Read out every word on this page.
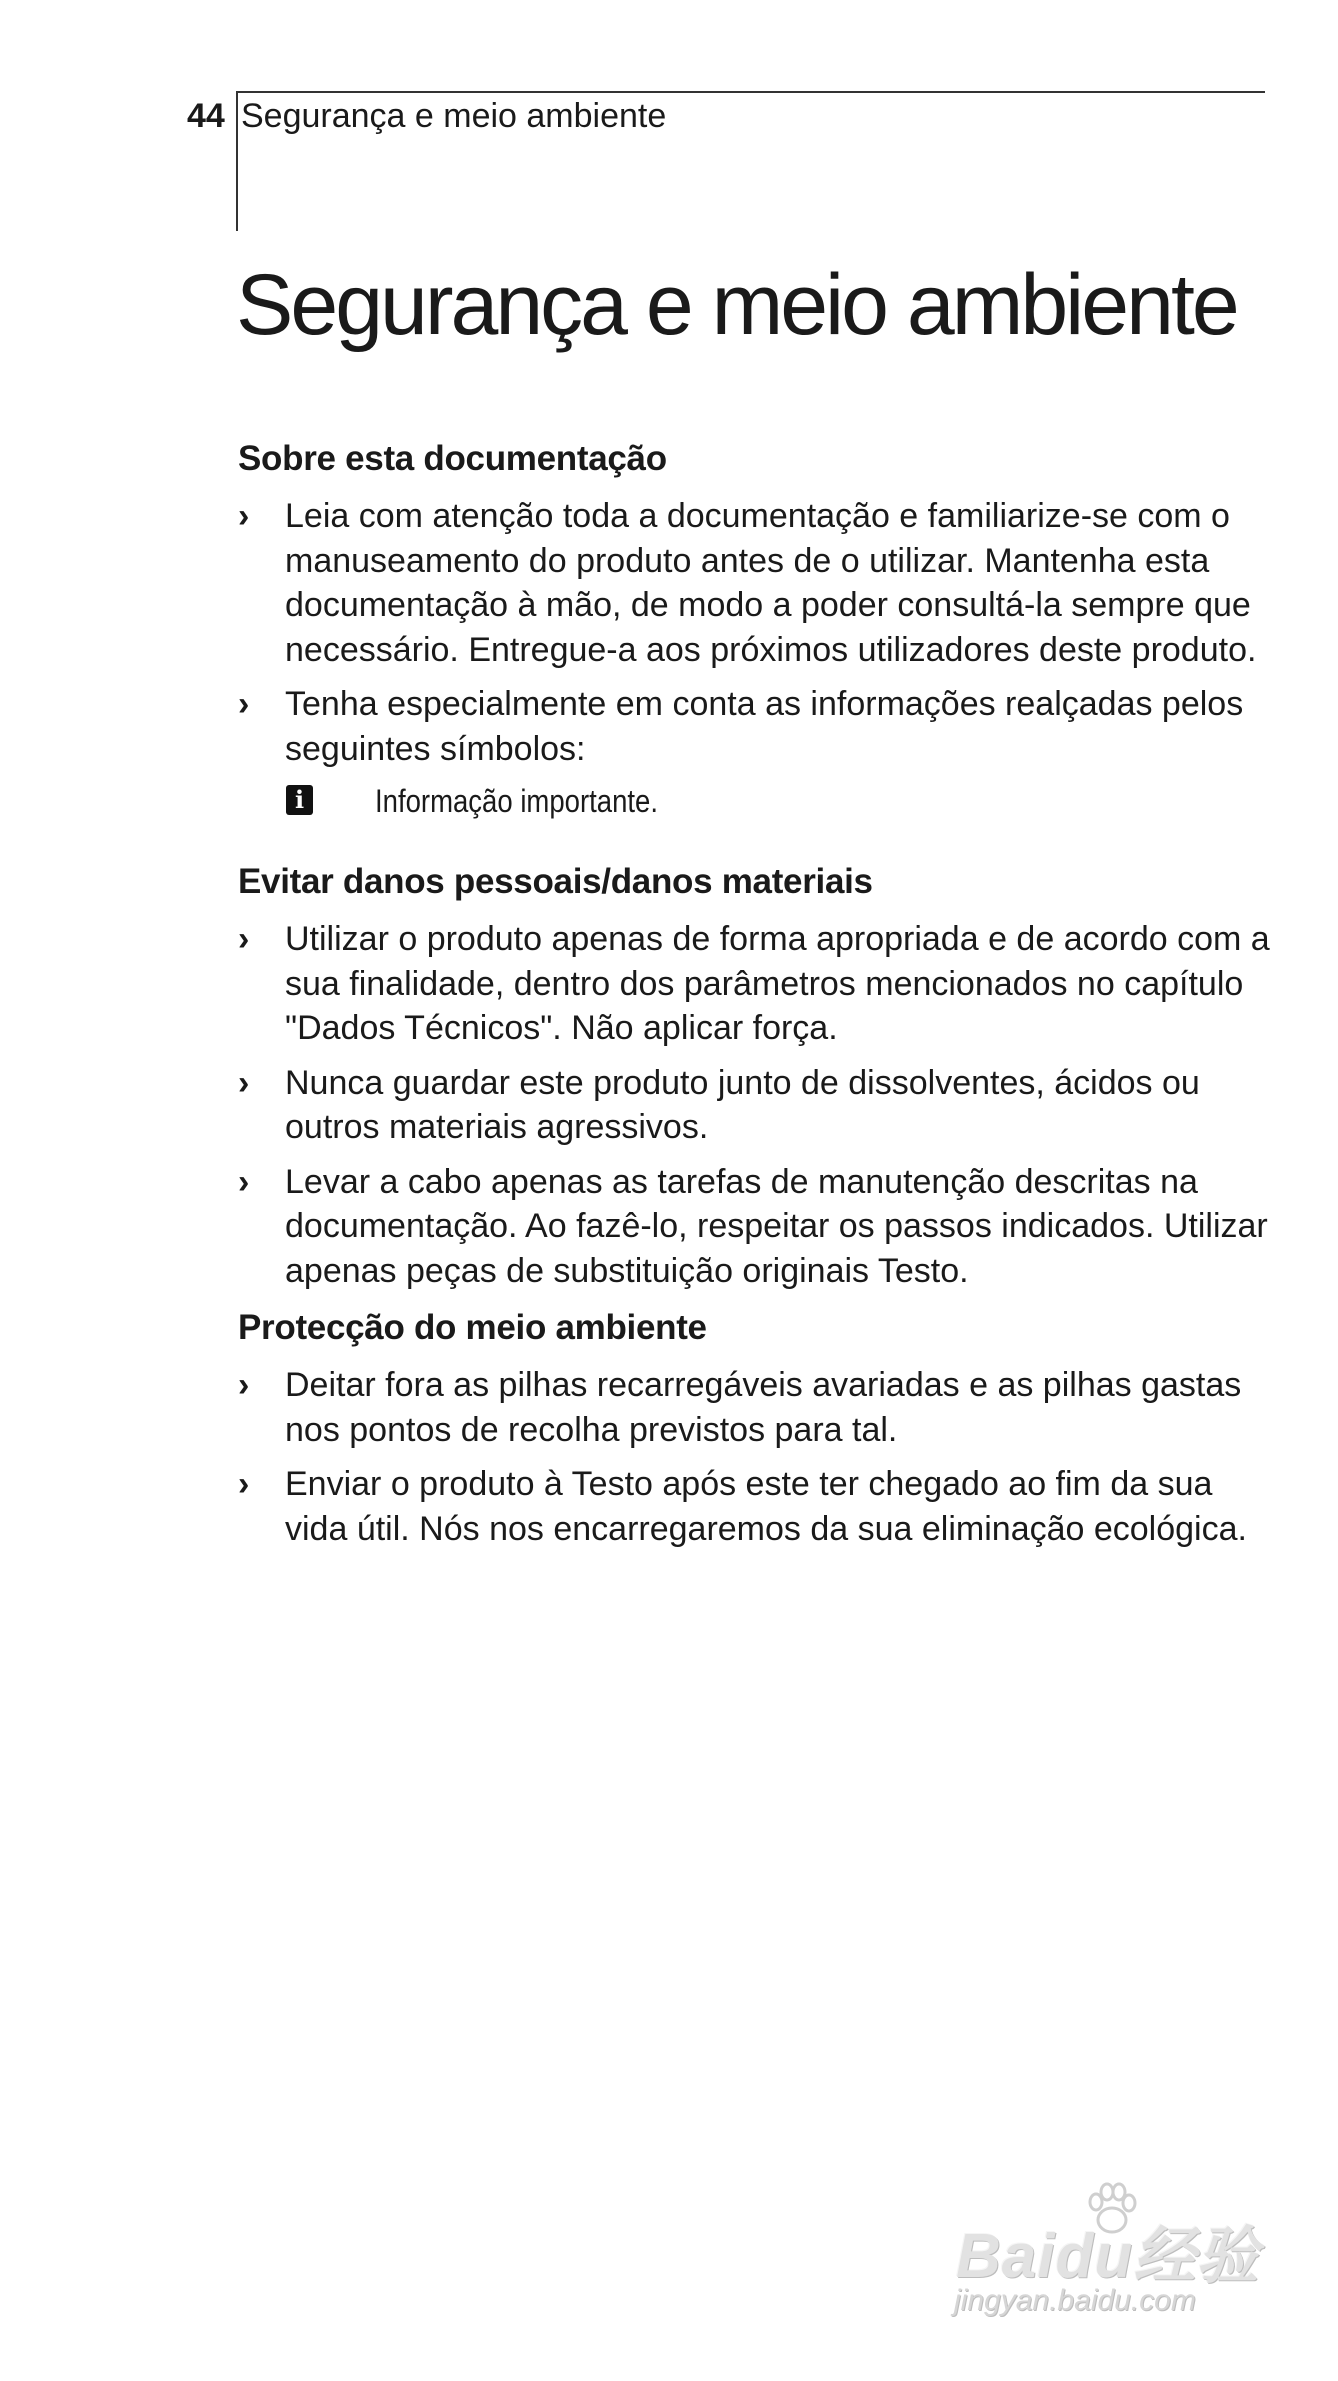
44 Segurança e meio ambiente
Segurança e meio ambiente
Sobre esta documentação
› Leia com atenção toda a documentação e familiarize-se com o manuseamento do produto antes de o utilizar. Mantenha esta documentação à mão, de modo a poder consultá-la sempre que necessário. Entregue-a aos próximos utilizadores deste produto.
› Tenha especialmente em conta as informações realçadas pelos seguintes símbolos:
i Informação importante.
Evitar danos pessoais/danos materiais
› Utilizar o produto apenas de forma apropriada e de acordo com a sua finalidade, dentro dos parâmetros mencionados no capítulo "Dados Técnicos". Não aplicar força.
› Nunca guardar este produto junto de dissolventes, ácidos ou outros materiais agressivos.
› Levar a cabo apenas as tarefas de manutenção descritas na documentação. Ao fazê-lo, respeitar os passos indicados. Utilizar apenas peças de substituição originais Testo.
Protecção do meio ambiente
› Deitar fora as pilhas recarregáveis avariadas e as pilhas gastas nos pontos de recolha previstos para tal.
› Enviar o produto à Testo após este ter chegado ao fim da sua vida útil. Nós nos encarregaremos da sua eliminação ecológica.
Baidu经验
jingyan.baidu.com
